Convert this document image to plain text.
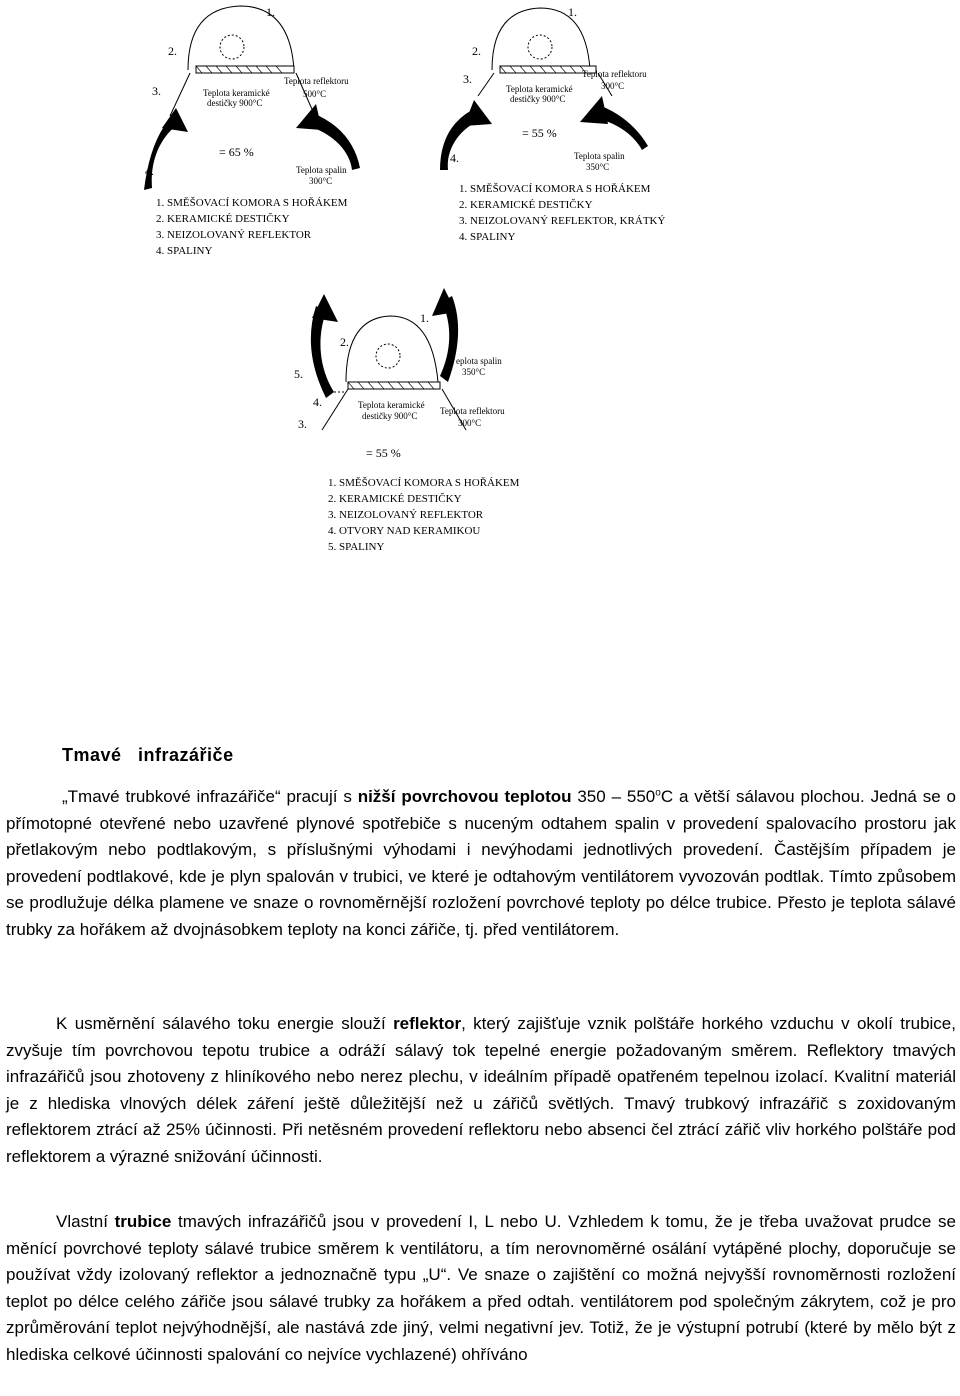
1.
2.
3.
4.
Teplota keramické
destičky 900°C
Teplota reflektoru
500°C
= 65 %
Teplota spalin
300°C
1. SMĚŠOVACÍ KOMORA S HOŘÁKEM
2. KERAMICKÉ DESTIČKY
3. NEIZOLOVANÝ REFLEKTOR
4. SPALINY
1.
2.
3.
4.
Teplota keramické
destičky 900°C
Teplota reflektoru
300°C
= 55 %
Teplota spalin
350°C
1. SMĚŠOVACÍ KOMORA S HOŘÁKEM
2. KERAMICKÉ DESTIČKY
3. NEIZOLOVANÝ REFLEKTOR, KRÁTKÝ
4. SPALINY
1.
2.
5.
4.
3.
Teplota keramické
destičky 900°C	Teplota reflektoru
300°C
eplota spalin
350°C
= 55 %
1. SMĚŠOVACÍ KOMORA S HOŘÁKEM
2. KERAMICKÉ DESTIČKY
3. NEIZOLOVANÝ REFLEKTOR
4. OTVORY NAD KERAMIKOU
5. SPALINY
Tmavé   infrazářiče

„Tmavé trubkové infrazářiče“ pracují s nižší povrchovou teplotou 350 – 550$^o$C a větší sálavou plochou. Jedná se o přímotopné otevřené nebo uzavřené plynové spotřebiče s nuceným odtahem spalin v provedení spalovacího prostoru jak přetlakovým nebo podtlakovým, s příslušnými výhodami i nevýhodami jednotlivých provedení. Častějším případem je provedení podtlakové, kde je plyn spalován v trubici, ve které je odtahovým ventilátorem vyvozován podtlak. Tímto způsobem se prodlužuje délka plamene ve snaze o rovnoměrnější rozložení povrchové teploty po délce trubice. Přesto je teplota sálavé trubky za hořákem až dvojnásobkem teploty na konci zářiče, tj. před ventilátorem.

K usměrnění sálavého toku energie slouží reflektor, který zajišťuje vznik polštáře horkého vzduchu v okolí trubice, zvyšuje tím povrchovou tepotu trubice a odráží sálavý tok tepelné energie požadovaným směrem. Reflektory tmavých infrazářičů jsou zhotoveny z hliníkového nebo nerez plechu, v ideálním případě opatřeném tepelnou izolací. Kvalitní materiál je z hlediska vlnových délek záření ještě důležitější než u zářičů světlých. Tmavý trubkový infrazářič s zoxidovaným reflektorem ztrácí až 25% účinnosti. Při netěsném provedení reflektoru nebo absenci čel ztrácí zářič vliv horkého polštáře pod reflektorem a výrazné snižování účinnosti.

Vlastní trubice tmavých infrazářičů jsou v provedení I, L nebo U. Vzhledem k tomu, že je třeba uvažovat prudce se měnící povrchové teploty sálavé trubice směrem k ventilátoru, a tím nerovnoměrné osálání vytápěné plochy, doporučuje se používat vždy izolovaný reflektor a jednoznačně typu „U“. Ve snaze o zajištění co možná nejvyšší rovnoměrnosti rozložení teplot po délce celého zářiče jsou sálavé trubky za hořákem a před odtah. ventilátorem pod společným zákrytem, což je pro zprůměrování teplot nejvýhodnější, ale nastává zde jiný, velmi negativní jev. Totiž, že je výstupní potrubí (které by mělo být z hlediska celkové účinnosti spalování co nejvíce vychlazené) ohříváno
